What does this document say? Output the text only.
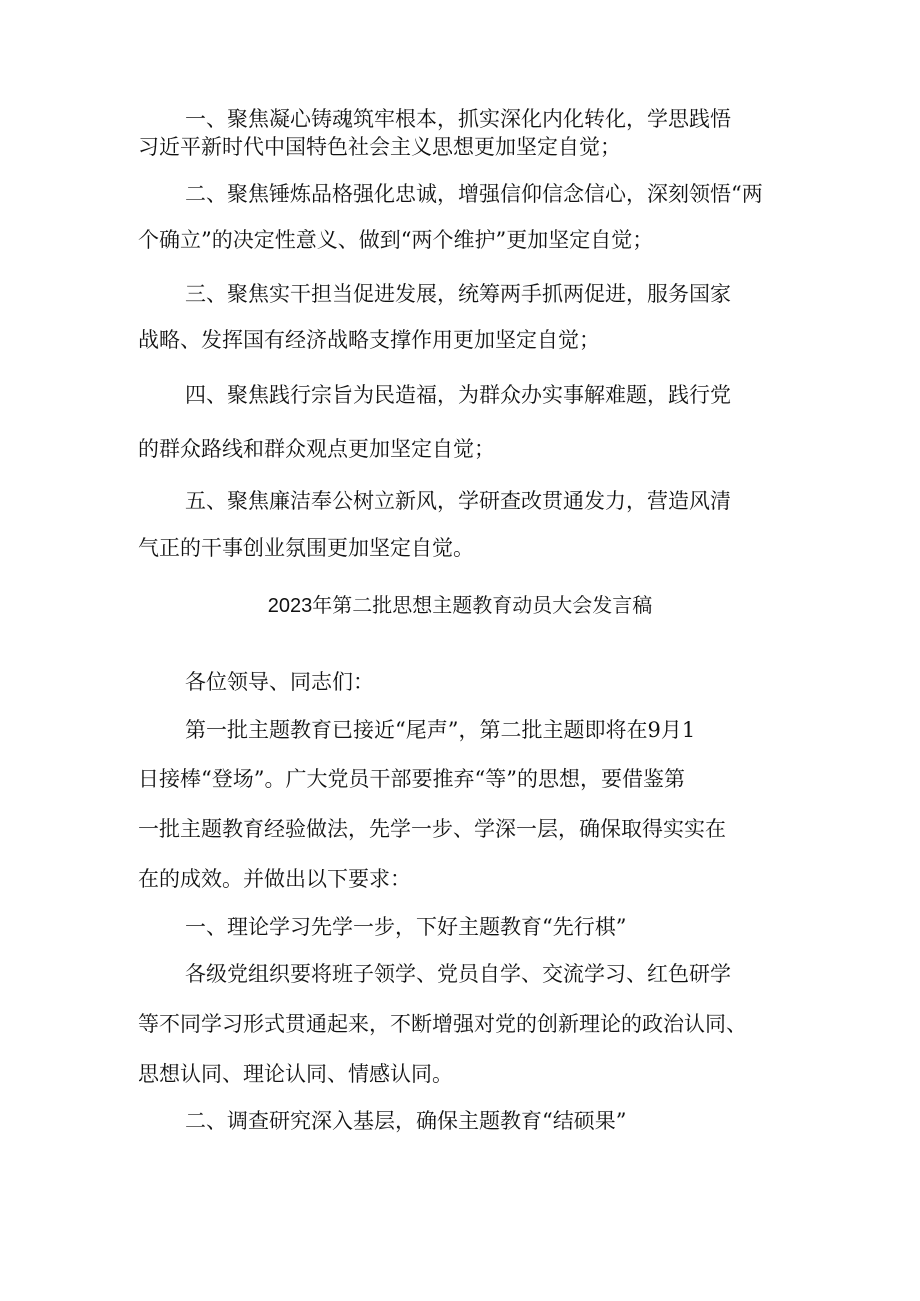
一、聚焦凝心铸魂筑牢根本，抓实深化内化转化，学思践悟

习近平新时代中国特色社会主义思想更加坚定自觉；

二、聚焦锤炼品格强化忠诚，增强信仰信念信心，深刻领悟“两

个确立”的决定性意义、做到“两个维护”更加坚定自觉；

三、聚焦实干担当促进发展，统筹两手抓两促进，服务国家

战略、发挥国有经济战略支撑作用更加坚定自觉；

四、聚焦践行宗旨为民造福，为群众办实事解难题，践行党

的群众路线和群众观点更加坚定自觉；

五、聚焦廉洁奉公树立新风，学研查改贯通发力，营造风清

气正的干事创业氛围更加坚定自觉。

2023年第二批思想主题教育动员大会发言稿

各位领导、同志们：

第一批主题教育已接近“尾声”，第二批主题即将在9月1

日接棒“登场”。广大党员干部要推弃“等”的思想，要借鉴第

一批主题教育经验做法，先学一步、学深一层，确保取得实实在

在的成效。并做出以下要求：

一、理论学习先学一步，下好主题教育“先行棋”

各级党组织要将班子领学、党员自学、交流学习、红色研学

等不同学习形式贯通起来，不断增强对党的创新理论的政治认同、

思想认同、理论认同、情感认同。

二、调查研究深入基层，确保主题教育“结硕果”
